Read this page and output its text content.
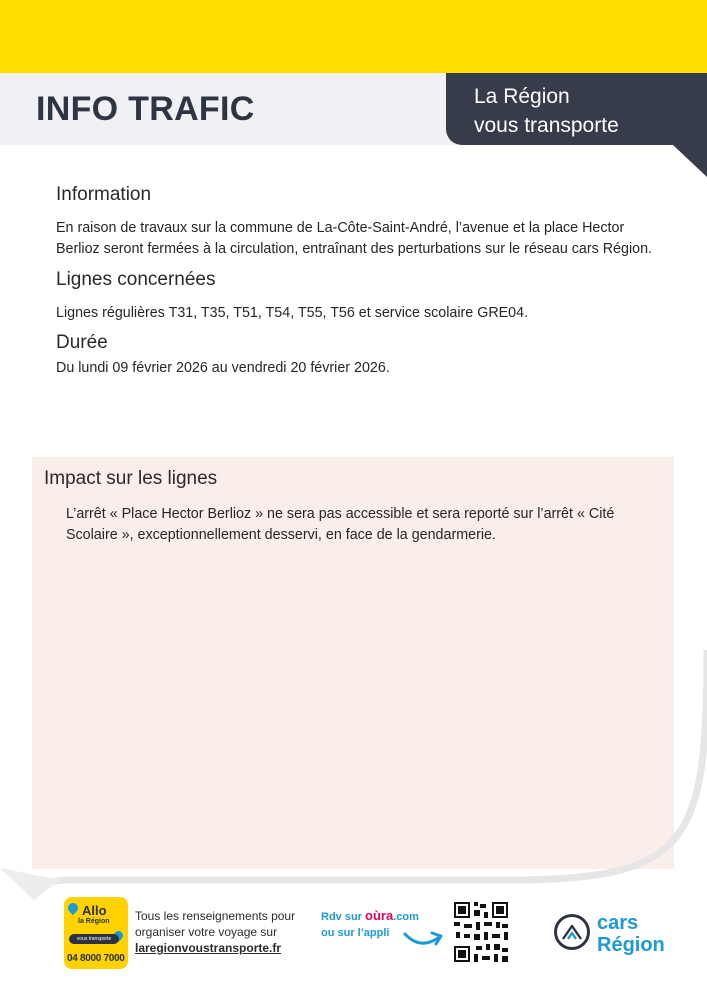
INFO TRAFIC	La Région
vous transporte
Information

En raison de travaux sur la commune de La-Côte-Saint-André, l’avenue et la place Hector Berlioz seront fermées à la circulation, entraînant des perturbations sur le réseau cars Région.

Lignes concernées

Lignes régulières T31, T35, T51, T54, T55, T56 et service scolaire GRE04.

Durée

Du lundi 09 février 2026 au vendredi 20 février 2026.

Impact sur les lignes

L’arrêt « Place Hector Berlioz » ne sera pas accessible et sera reporté sur l’arrêt « Cité Scolaire », exceptionnellement desservi, en face de la gendarmerie.

Allo
la Région
vous transporte
04 8000 7000
Tous les renseignements pour
organiser votre voyage sur
laregionvoustransporte.fr
Rdv sur oùra.com
ou sur l’appli	cars
Région
